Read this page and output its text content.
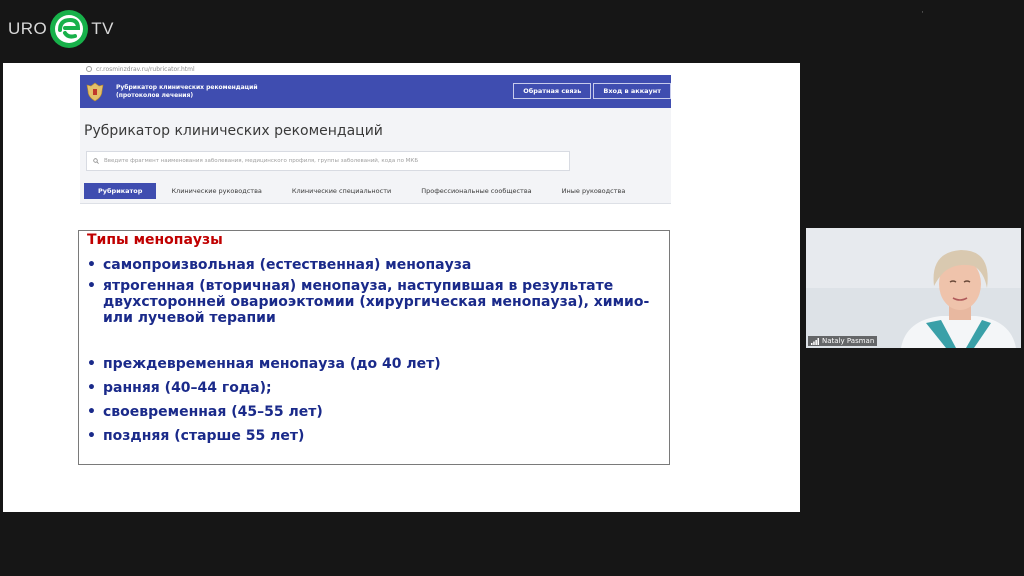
URO	TV
·
cr.rosminzdrav.ru/rubricator.html
Рубрикатор клинических рекомендаций
(протоколов лечения)	Обратная связь	Вход в аккаунт
Рубрикатор клинических рекомендаций
Введите фрагмент наименования заболевания, медицинского профиля, группы заболеваний, кода по МКБ
Рубрикатор	Клинические руководства	Клинические специальности	Профессиональные сообщества	Иные руководства
Типы менопаузы
• самопроизвольная (естественная) менопауза
• ятрогенная (вторичная) менопауза, наступившая в результате двухсторонней овариоэктомии (хирургическая менопауза), химио- или лучевой терапии
• преждевременная менопауза (до 40 лет)
• ранняя (40–44 года);
• своевременная (45–55 лет)
• поздняя (старше 55 лет)
Nataly Pasman
